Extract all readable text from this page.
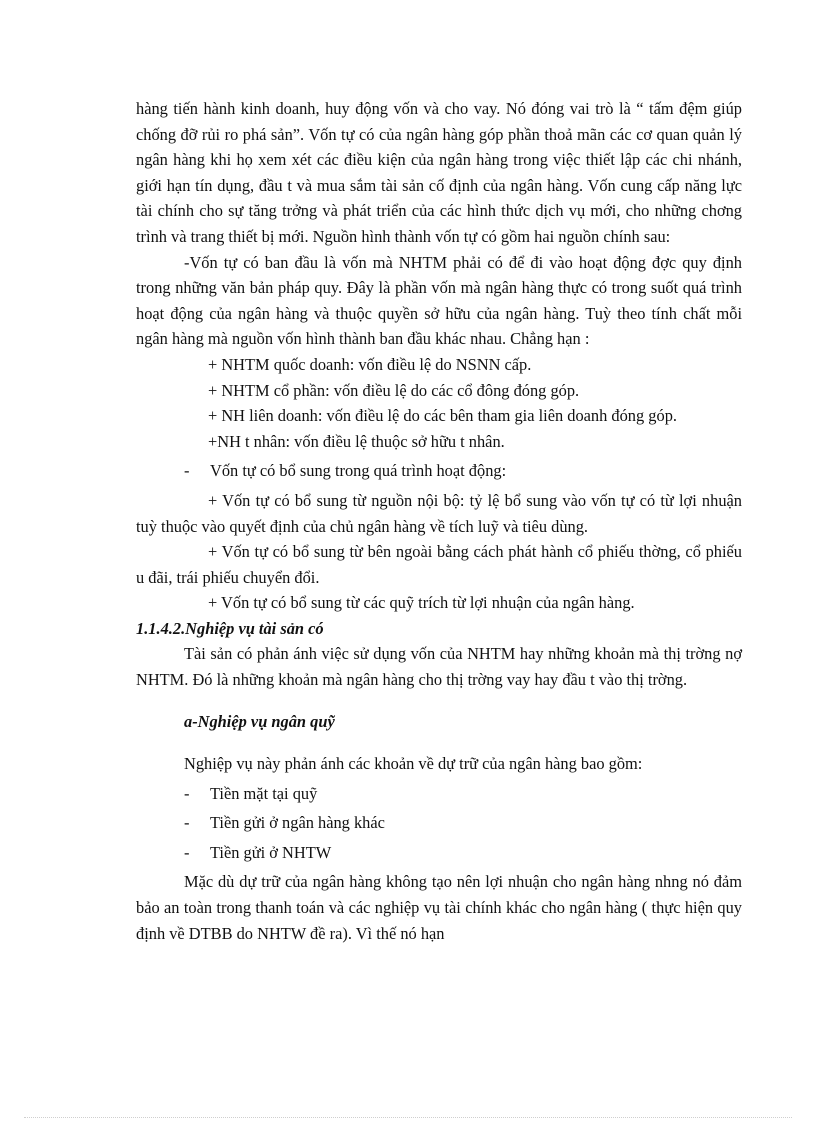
hàng tiến hành kinh doanh, huy động vốn và cho vay. Nó đóng vai trò là “ tấm đệm giúp chống đỡ rủi ro phá sản”. Vốn tự có của ngân hàng góp phần thoả mãn các cơ quan quản lý ngân hàng khi họ xem xét các điều kiện của ngân hàng trong việc thiết lập các chi nhánh, giới hạn tín dụng, đầu t và mua sắm tài sản cố định của ngân hàng. Vốn cung cấp năng lực tài chính cho sự tăng trởng và phát triển của các hình thức dịch vụ mới, cho những chơng trình và trang thiết bị mới. Nguồn hình thành vốn tự có gồm hai nguồn chính sau:

-Vốn tự có ban đầu là vốn mà NHTM phải có để đi vào hoạt động đợc quy định trong những văn bản pháp quy. Đây là phần vốn mà ngân hàng thực có trong suốt quá trình hoạt động của ngân hàng và thuộc quyền sở hữu của ngân hàng. Tuỳ theo tính chất mỗi ngân hàng mà nguồn vốn hình thành ban đầu khác nhau. Chẳng hạn :

+ NHTM quốc doanh: vốn điều lệ do NSNN cấp.

+ NHTM cổ phần: vốn điều lệ do các cổ đông đóng góp.

+ NH liên doanh: vốn điều lệ do các bên tham gia liên doanh đóng góp.

+NH t nhân: vốn điều lệ thuộc sở hữu t nhân.

-	Vốn tự có bổ sung trong quá trình hoạt động:

+ Vốn tự có bổ sung từ nguồn nội bộ: tỷ lệ bổ sung vào vốn tự có từ lợi nhuận tuỳ thuộc vào quyết định của chủ ngân hàng về tích luỹ và tiêu dùng.

+ Vốn tự có bổ sung từ bên ngoài bằng cách phát hành cổ phiếu thờng, cổ phiếu u đãi, trái phiếu chuyển đổi.

+ Vốn tự có bổ sung từ các quỹ trích từ lợi nhuận của ngân hàng.

1.1.4.2.Nghiệp vụ tài sản có

Tài sản có phản ánh việc sử dụng vốn của NHTM hay những khoản mà thị trờng nợ NHTM. Đó là những khoản mà ngân hàng cho thị trờng vay hay đầu t vào thị trờng.

a-Nghiệp vụ ngân quỹ

Nghiệp vụ này phản ánh các khoản về dự trữ của ngân hàng bao gồm:

-	Tiền mặt tại quỹ
-	Tiền gửi ở ngân hàng khác
-	Tiền gửi ở NHTW

Mặc dù dự trữ của ngân hàng không tạo nên lợi nhuận cho ngân hàng nhng nó đảm bảo an toàn trong thanh toán và các nghiệp vụ tài chính khác cho ngân hàng ( thực hiện quy định về DTBB do NHTW đề ra). Vì thế nó hạn
